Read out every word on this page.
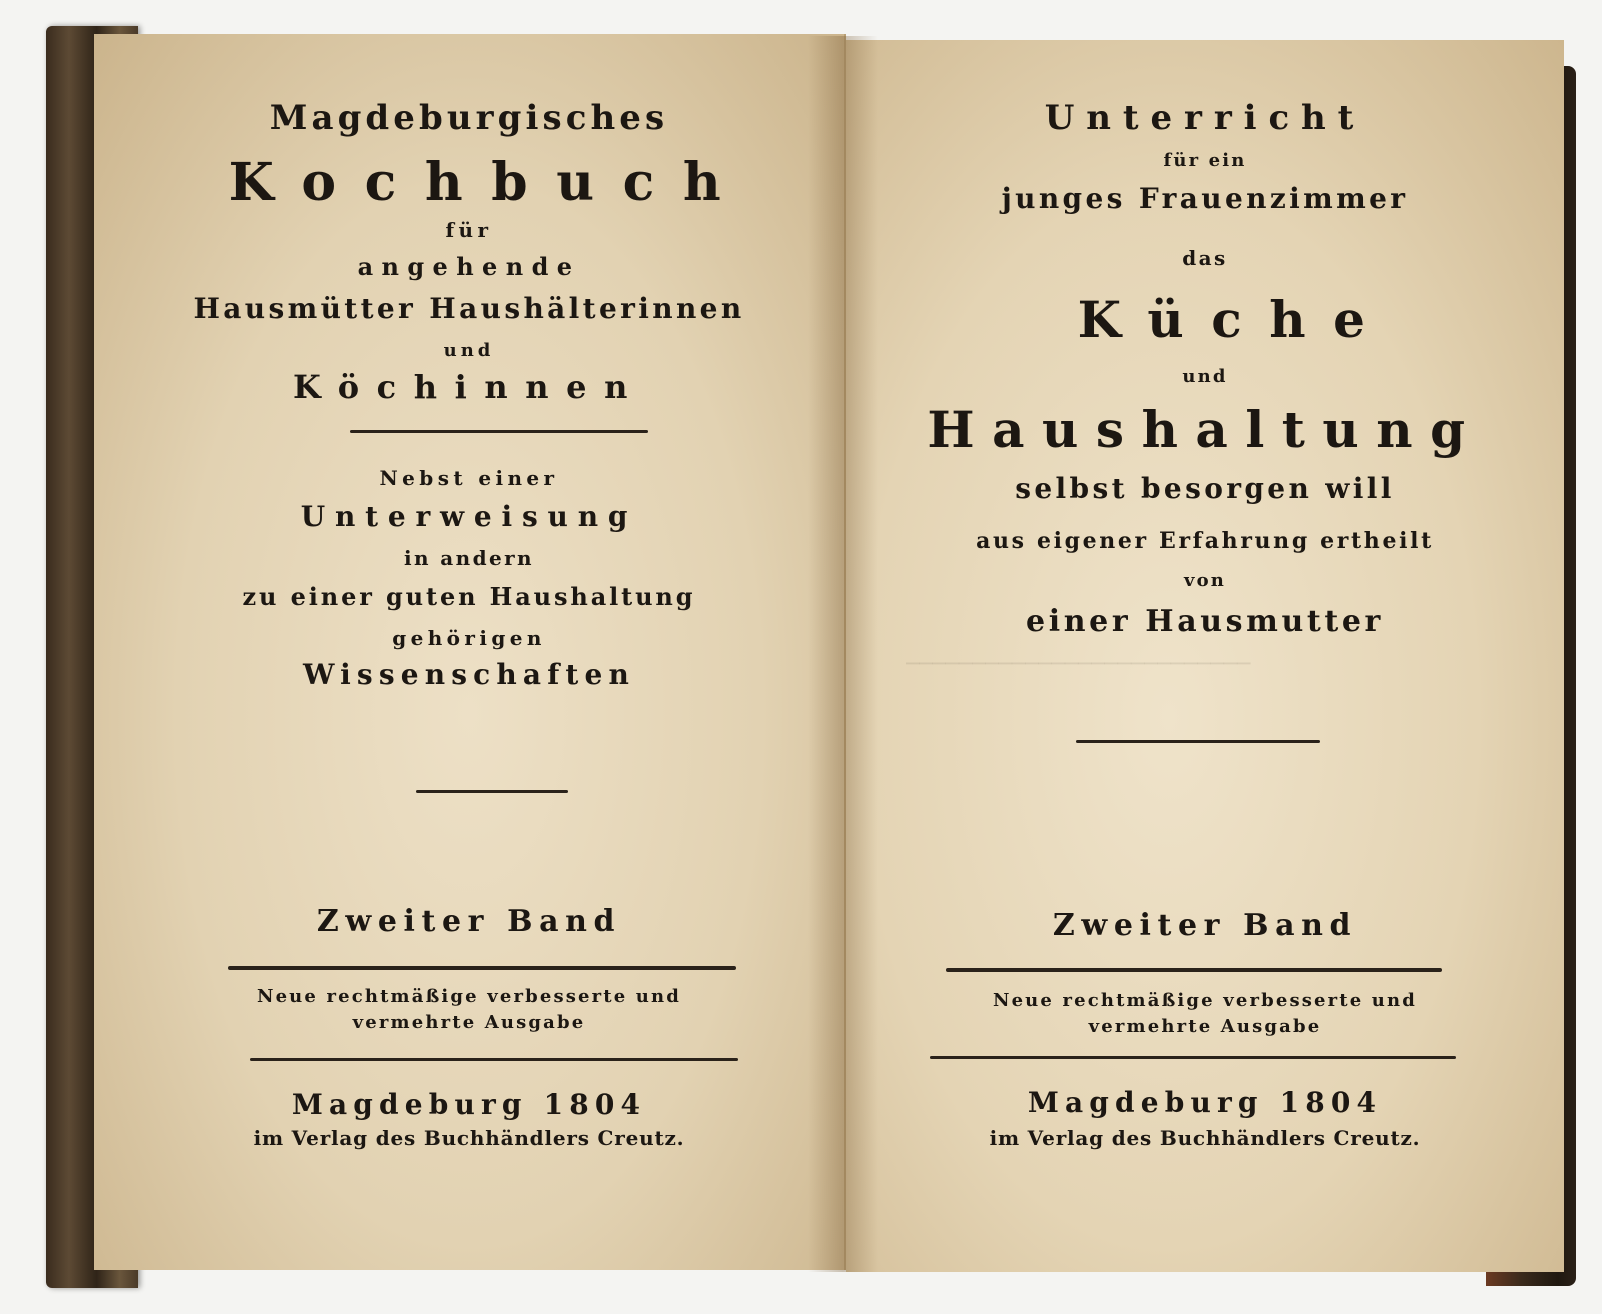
Magdeburgisches
Kochbuch
für
angehende
Hausmütter Haushälterinnen
und
Köchinnen
Nebst einer
Unterweisung
in andern
zu einer guten Haushaltung
gehörigen
Wissenschaften
Zweiter Band
Neue rechtmäßige verbesserte und
vermehrte Ausgabe
Magdeburg 1804
im Verlag des Buchhändlers Creutz.
Unterricht
für ein
junges Frauenzimmer
das
Küche
und
Haushaltung
selbst besorgen will
aus eigener Erfahrung ertheilt
von
einer Hausmutter
──────────────────────────
Zweiter Band
Neue rechtmäßige verbesserte und
vermehrte Ausgabe
Magdeburg 1804
im Verlag des Buchhändlers Creutz.
